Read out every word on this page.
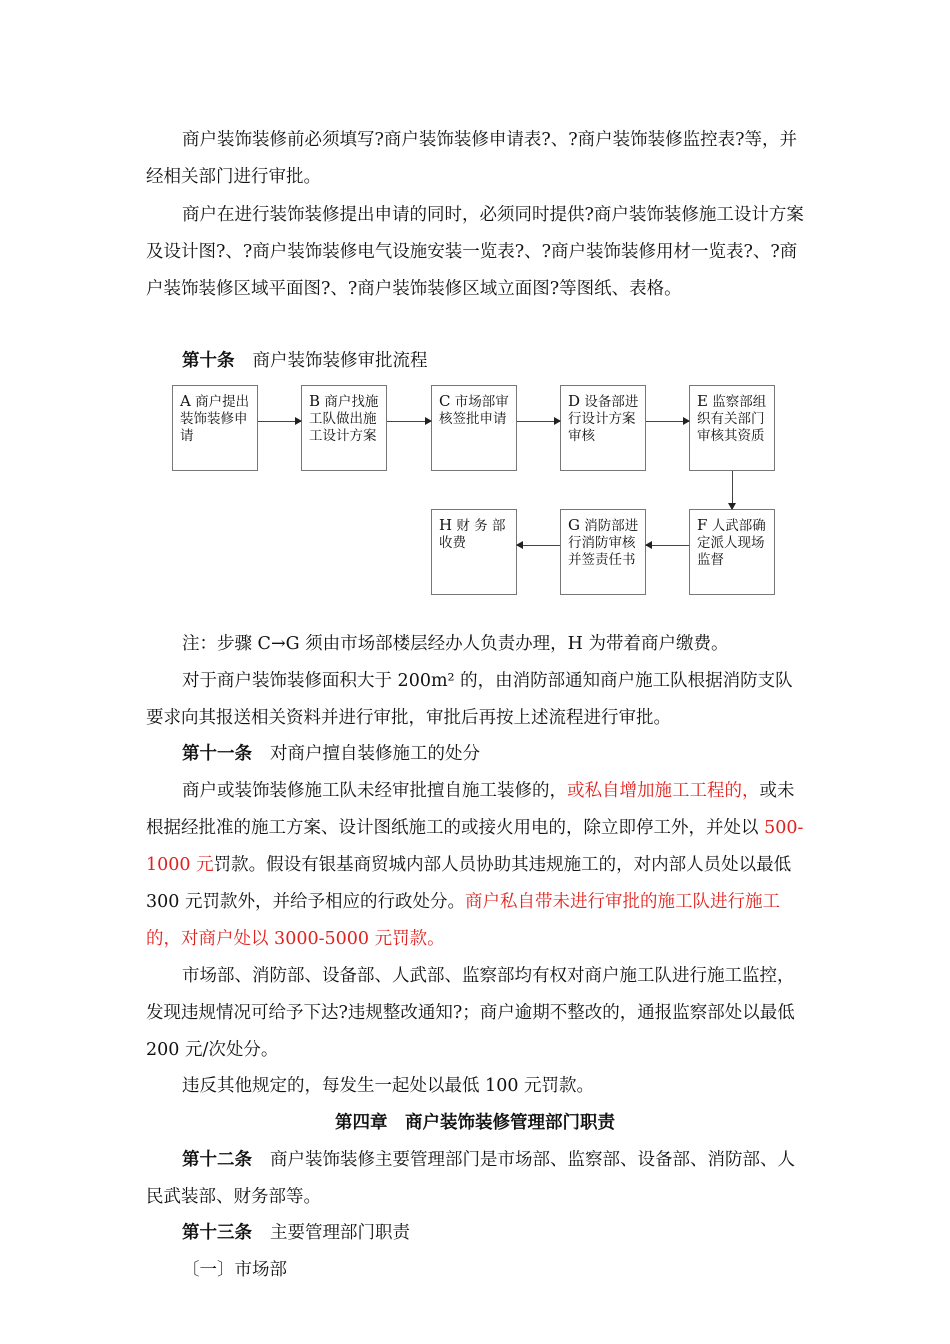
商户装饰装修前必须填写?商户装饰装修申请表?、?商户装饰装修监控表?等，并经相关部门进行审批。

商户在进行装饰装修提出申请的同时，必须同时提供?商户装饰装修施工设计方案及设计图?、?商户装饰装修电气设施安装一览表?、?商户装饰装修用材一览表?、?商户装饰装修区域平面图?、?商户装饰装修区域立面图?等图纸、表格。

第十条 商户装饰装修审批流程

A 商户提出装饰装修申请
B 商户找施工队做出施工设计方案
C 市场部审核签批申请
D 设备部进行设计方案审核
E 监察部组织有关部门审核其资质
F 人武部确定派人现场监督
G 消防部进行消防审核并签责任书
H 财 务 部 收费

注：步骤 C→G 须由市场部楼层经办人负责办理，H 为带着商户缴费。

对于商户装饰装修面积大于 200m² 的，由消防部通知商户施工队根据消防支队要求向其报送相关资料并进行审批，审批后再按上述流程进行审批。

第十一条 对商户擅自装修施工的处分

商户或装饰装修施工队未经审批擅自施工装修的，或私自增加施工工程的，或未根据经批准的施工方案、设计图纸施工的或接火用电的，除立即停工外，并处以 500-1000 元罚款。假设有银基商贸城内部人员协助其违规施工的，对内部人员处以最低 300 元罚款外，并给予相应的行政处分。商户私自带未进行审批的施工队进行施工的，对商户处以 3000-5000 元罚款。

市场部、消防部、设备部、人武部、监察部均有权对商户施工队进行施工监控，发现违规情况可给予下达?违规整改通知?；商户逾期不整改的，通报监察部处以最低 200 元/次处分。

违反其他规定的，每发生一起处以最低 100 元罚款。

第四章　商户装饰装修管理部门职责

第十二条 商户装饰装修主要管理部门是市场部、监察部、设备部、消防部、人民武装部、财务部等。

第十三条 主要管理部门职责

〔一〕市场部
